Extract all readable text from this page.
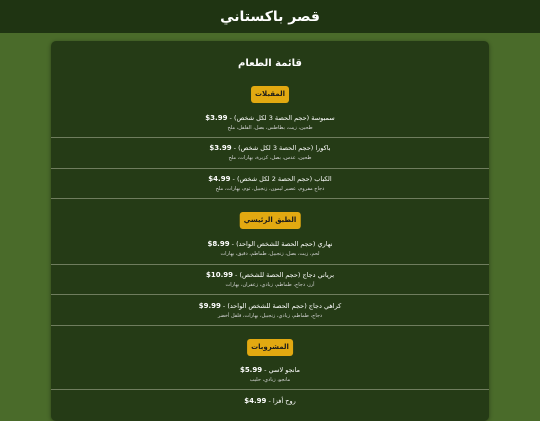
قصر باكستاني
قائمة الطعام
المقبلات
سمبوسة (حجم الحصة 3 لكل شخص) - 3.99$
طحين، زيت، بطاطس، بصل، الفلفل، ملح
باكورا (حجم الحصة 3 لكل شخص) - 3.99$
طحين، عدس، بصل، كزبرة، بهارات، ملح
الكباب (حجم الحصة 2 لكل شخص) - 4.99$
دجاج مفروم، عصير ليمون، زنجبيل، ثوم، بهارات، ملح
الطبق الرئيسي
نهاري (حجم الحصة للشخص الواحد) - 8.99$
لحم، زيت، بصل، زنجبيل، طماطم، دقيق، بهارات
برياني دجاج (حجم الحصة للشخص) - 10.99$
أرز، دجاج، طماطم، زبادي، زعفران، بهارات
كراهي دجاج (حجم الحصة للشخص الواحد) - 9.99$
دجاج، طماطم، زبادي، زنجبيل، بهارات، فلفل أخضر
المشروبات
مانجو لاسي - 5.99$
مانجو، زبادي، حليب
روح أفزا - 4.99$
